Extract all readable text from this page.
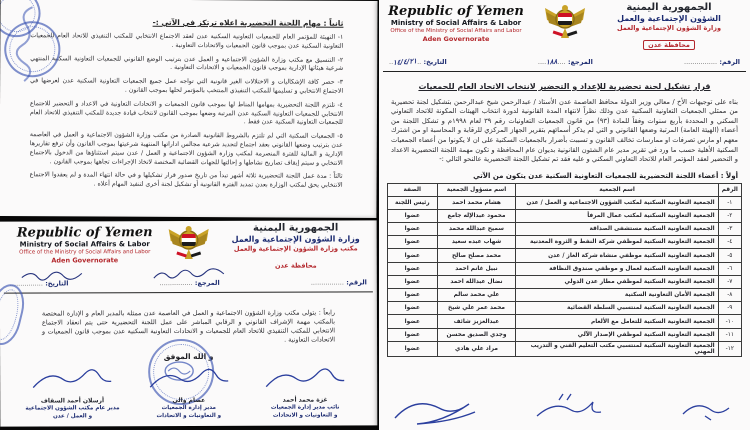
ثانياً : مهام اللجنة التحضيرية اعلاه ترتكز في الآتي :-

١- التهيئة للمؤتمر العام للجمعيات التعاونية السكنية عدن لعقد الاجتماع الانتخابي للمكتب التنفيذي للاتحاد العام للجمعيات التعاونية السكنية عدن بموجب قانون الجمعيات والاتحادات التعاونية .

٢- التنسيق مع مكتب وزارة الشؤون الاجتماعية و العمل عدن بترتيب الوضع القانوني للجمعيات التعاونية السكنية المنتهي شرعية هيئاتها الإدارية بموجب قانون الجمعيات و الاتحادات التعاونية .

٣- حصر كافة الإشكاليات و الاختلالات الغير قانونية التي تواجه عمل جميع الجمعيات التعاونية السكنية عدن لعرضها في الاجتماع الانتخابي و تسليمها للمكتب التنفيذي المنتخب بالمؤتمر لحلها بموجب القانون .

٤- تلتزم اللجنة التحضيرية بمهامها المناط لها بموجب قانون الجمعيات و الاتحادات التعاونية في الاعداد و التحضير للاجتماع الانتخابي للجمعيات التعاونية السكنية عدن المرتبة وضعها بموجب القانون لانتخاب قيادة جديدة للمكتب التنفيذي للاتحاد العام للجمعيات التعاونية السكنية عدن فقط .

٥- الجمعيات السكنية التي لم تلتزم بالشروط القانونية الصادرة من مكتب وزارة الشؤون الاجتماعية و العمل في العاصمة عدن بترتيب وضعها القانوني بعقد اجتماع لتجديد شرعية مجالس اداراتها المنتهية شرعيتها بموجب القانون وأن ترفع تقاريرها الإدارية و المالية للفترة المنصرمة لمكتب وزارة الشؤون الاجتماعية و العمل / عدن سيتم استثناؤها من الدخول بالاجتماع الانتخابي و سيتم إيقاف تصاريح نشاطها و إحالتها للجهات القضائية المختصة لاتخاذ الإجراءات تجاهها بموجب القانون .

ثالثاً : مدة عمل اللجنة التحضيرية ثلاثة أشهر تبدأ من تاريخ صدور قرار تشكيلها و في حالة انتهاء المدة و لم يعقدوا الاجتماع الانتخابي يحق لمكتب الوزارة بعدن تمديد الفترة القانونية أو تشكيل لجنة أخرى لتنفيذ المهام أعلاه .

Republic of Yemen
Ministry of Social Affairs & Labor
Office of the Ministry of Social Affairs and Labor
Aden Governorate
الجمهورية اليمنية
وزارة الشؤون الإجتماعية والعمل
مكتب وزارة الشؤون الإجتماعية والعمل
محافظة عدن
الرقم: ................
المرجع: ................
التاريخ: ................

رابعاً : يتولى مكتب وزارة الشؤون الاجتماعية و العمل في العاصمة عدن ممثلة بالمدير العام و الإدارة المختصة بالمكتب مهمة الإشراف القانوني و الرقابي المباشر على عمل اللجنة التحضيرية حتى يتم انعقاد الاجتماع الانتخابي للمكتب التنفيذي للاتحاد العام للجمعيات و الاتحادات التعاونية السكنية عدن بموجب قانون الجمعيات و الاتحادات التعاونية .

و الله الموفق
غزة محمد أحمد
نائب مدير إدارة الجمعيات
و التعاونيات و الاتحادات
عصام والي
مدير إدارة الجمعيات
و التعاونيات و الاتحادات
أرسلان أحمد السقاف
مدير عام مكتب الشؤون الاجتماعية
و العمل / عدن
Republic of Yemen
Ministry of Social Affairs & Labor
Office of the Ministry of Social Affairs and Labor
Aden Governorate
الجمهورية اليمنية
الشؤون الإجتماعية والعمل
وزارة الشؤون الإجتماعية والعمل
محافظة عدن
الرقم: ................
المرجع: ....١٨٨....
التاريخ: ..١٤/٤/٢١..
قرار تشكيل لجنة تحضيرية للإعداد و التحضير لانتخاب الاتحاد العام للجمعيات

بناء على توجيهات الأخ / معالي وزير الدولة محافظ العاصمة عدن الأستاذ / عبدالرحمن شيخ عبدالرحمن بتشكيل لجنة تحضيرية من ممثلي الجمعيات التعاونية السكنية عدن وذلك نظراً لانتهاء المدة القانونية لدورة انتخاب الهيئات المكونة للاتحاد التعاوني السكني و المحددة بأربع سنوات وفقاً للمادة (٩٣) من قانون الجمعيات التعاونيات رقم ٣٩ لعام ١٩٩٨م و تشكل اللجنة من أعضاء (الهيئة العامة) المرتبة وضعها القانوني و التي لم يذكر أسمائهم بتقرير الجهاز المركزي للرقابة و المحاسبة او من اشترك معهم او مارس تصرفات او ممارسات تخالف القانون و تسببت بأضرار بالجمعيات السكنية على ان لا يكونوا من أعضاء الجمعيات السكنية الأهلية حسب ما ورد في تقرير مدير عام الشئون القانونية بديوان عام المحافظة و تكون مهمة اللجنة التحضيرية الاعداد و التحضير لعقد المؤتمر العام للاتحاد التعاوني السكني و عليه فقد تم تشكيل اللجنة التحضيرية عالنحو التالي :-

أولاً : أعضاء اللجنة التحضيرية للجمعيات التعاونية السكنية عدن يتكون من الآتي
الرقم	اسم الجمعية	اسم مسؤول الجمعية	الصفة
١-	الجمعية التعاونية السكنية لمكتب الشؤون الاجتماعية و العمل / عدن	هشام محمد احمد	رئيس اللجنة
٢-	الجمعية التعاونية السكنية لمكتب عمال المرفأ	محمود عبدالإله جامع	عضوا
٣-	الجمعية التعاونية السكنية مستشفى الصداقة	سميح عبدالله محمد	عضوا
٤-	الجمعية التعاونية السكنية لموظفي شركة النفط و الثروة المعدنية	شهاب عبده سعيد	عضوا
٥-	الجمعية التعاونية السكنية موظفي منشاة شركة الغاز / عدن	محمد مصلح صالح	عضوا
٦-	الجمعية التعاونية السكنية لعمال و موظفي صندوق النظافة	نبيل غانم احمد	عضوا
٧-	الجمعية التعاونية السكنية لموظفي مطار عدن الدولي	نضال عبدالله احمد	عضوا
٨-	الجمعية الأمان التعاونية السكنية	علي محمد سالم	عضوا
٩-	الجمعية التعاونية السكنية لمنتسبي السلطة القضائية	محمد عمر علي شيخ	عضوا
١٠-	الجمعية التعاونية السكنية للتعامل مع الألغام	عبدالعزيز شائف	عضوا
١١-	الجمعية التعاونية السكنية لموظفي الإصدار الآلي	وجدي الصديق محسن	عضوا
١٢-	الجمعية التعاونية السكنية لمنتسبي مكتب التعليم الفني و التدريب المهني	مراد علي هادي	عضوا
